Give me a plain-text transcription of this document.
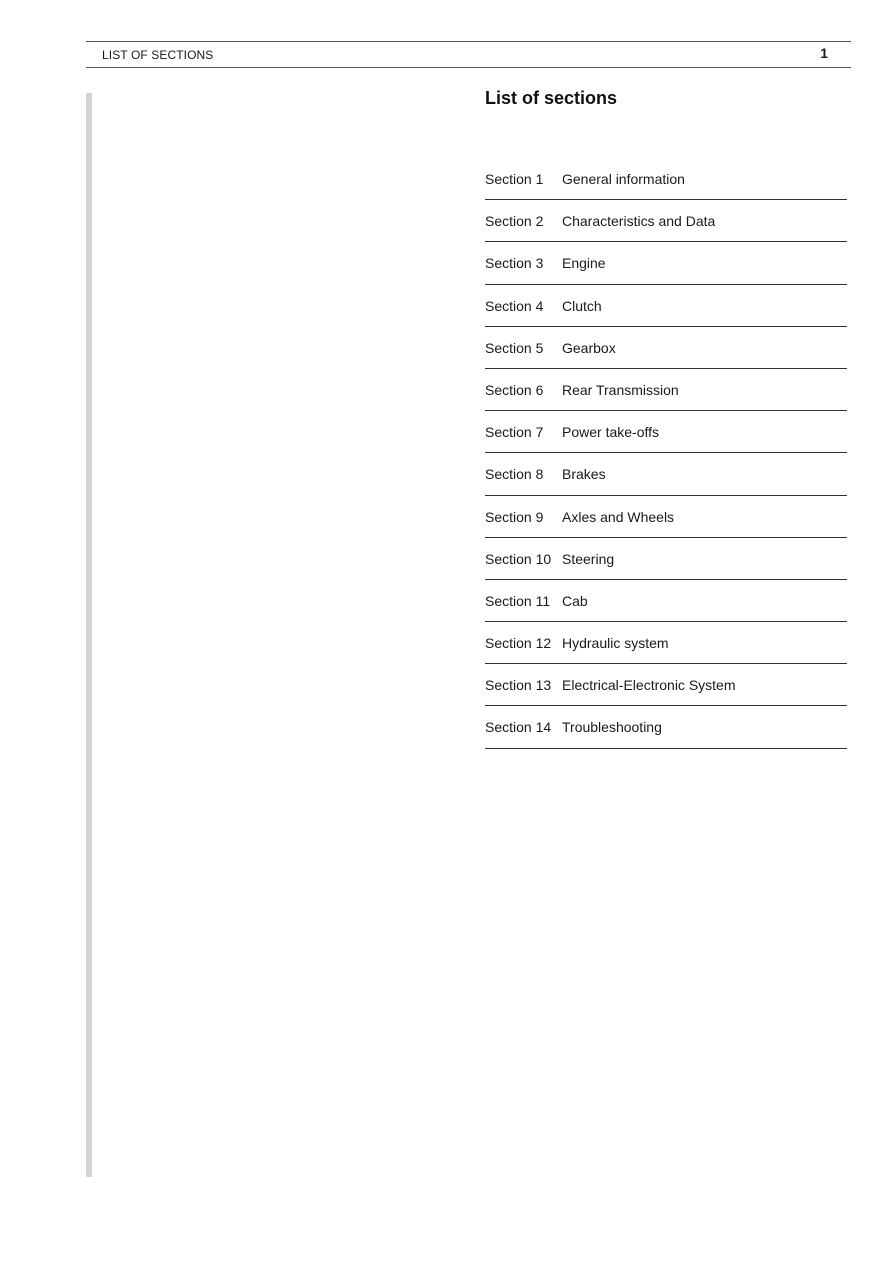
LIST OF SECTIONS	1
List of sections
Section 1 General information
Section 2 Characteristics and Data
Section 3 Engine
Section 4 Clutch
Section 5 Gearbox
Section 6 Rear Transmission
Section 7 Power take-offs
Section 8 Brakes
Section 9 Axles and Wheels
Section 10 Steering
Section 11 Cab
Section 12 Hydraulic system
Section 13 Electrical-Electronic System
Section 14 Troubleshooting
